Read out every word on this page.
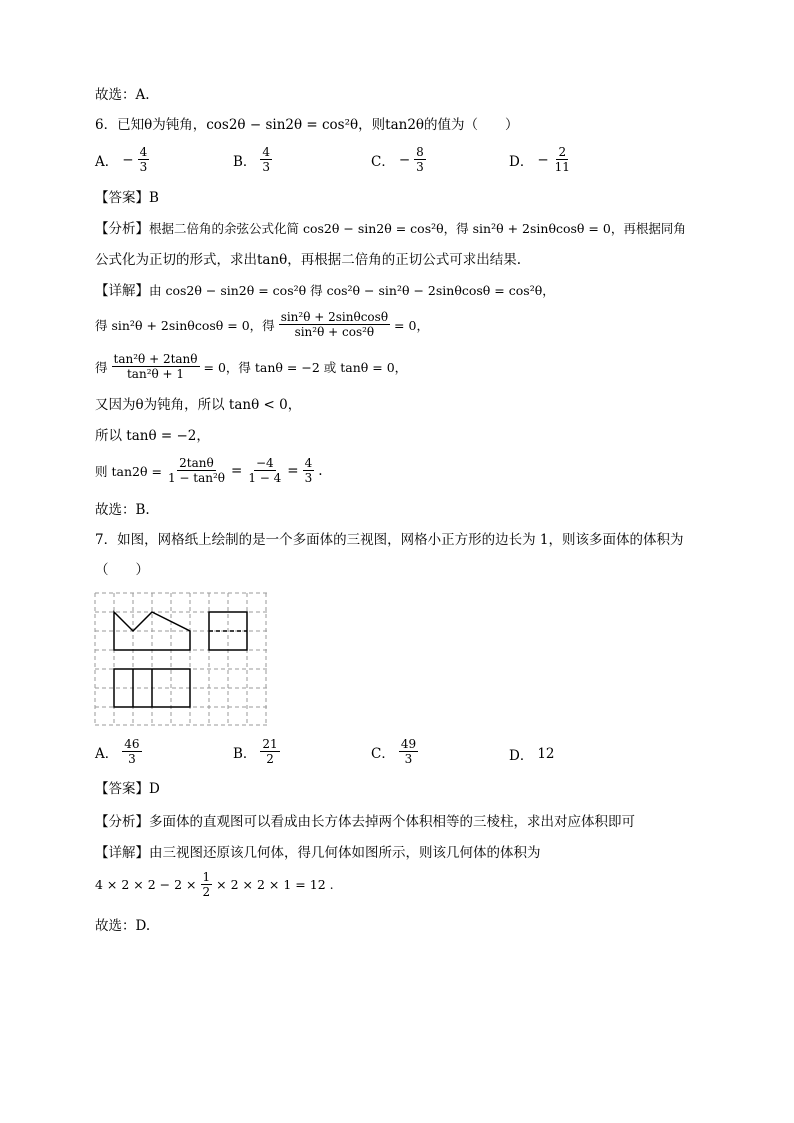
故选：A.
6．已知θ为钝角，cos2θ − sin2θ = cos²θ，则tan2θ的值为（　　）
A． − $\frac{4}{3}$	B． $\frac{4}{3}$	C． − $\frac{8}{3}$	D． − $\frac{2}{11}$
【答案】B
【分析】根据二倍角的余弦公式化简 cos2θ − sin2θ = cos²θ，得 sin²θ + 2sinθcosθ = 0，再根据同角
公式化为正切的形式，求出tanθ，再根据二倍角的正切公式可求出结果.
【详解】由 cos2θ − sin2θ = cos²θ 得 cos²θ − sin²θ − 2sinθcosθ = cos²θ，
得 sin²θ + 2sinθcosθ = 0，得 $\frac{\text{sin²θ + 2sinθcosθ}}{\text{sin²θ + cos²θ}} = 0$，
得 $\frac{\text{tan²θ + 2tanθ}}{\text{tan²θ + 1}} = 0$，得 tanθ = −2 或 tanθ = 0，
又因为θ为钝角，所以 tanθ < 0，
所以 tanθ = −2，
则 $\tan 2\theta = \frac{2\tan\theta}{\text{1 − tan²θ}} = \frac{-4}{1 - 4} = \frac{4}{3}$ .
故选：B.
7．如图，网格纸上绘制的是一个多面体的三视图，网格小正方形的边长为 1，则该多面体的体积为
（　　）
A． $\frac{46}{3}$	B． $\frac{21}{2}$	C． $\frac{49}{3}$	D． 12
【答案】D
【分析】多面体的直观图可以看成由长方体去掉两个体积相等的三棱柱，求出对应体积即可
【详解】由三视图还原该几何体，得几何体如图所示，则该几何体的体积为
$4 \times 2 \times 2 - 2 \times \frac{1}{2} \times 2 \times 2 \times 1 = 12$ .
故选：D.
